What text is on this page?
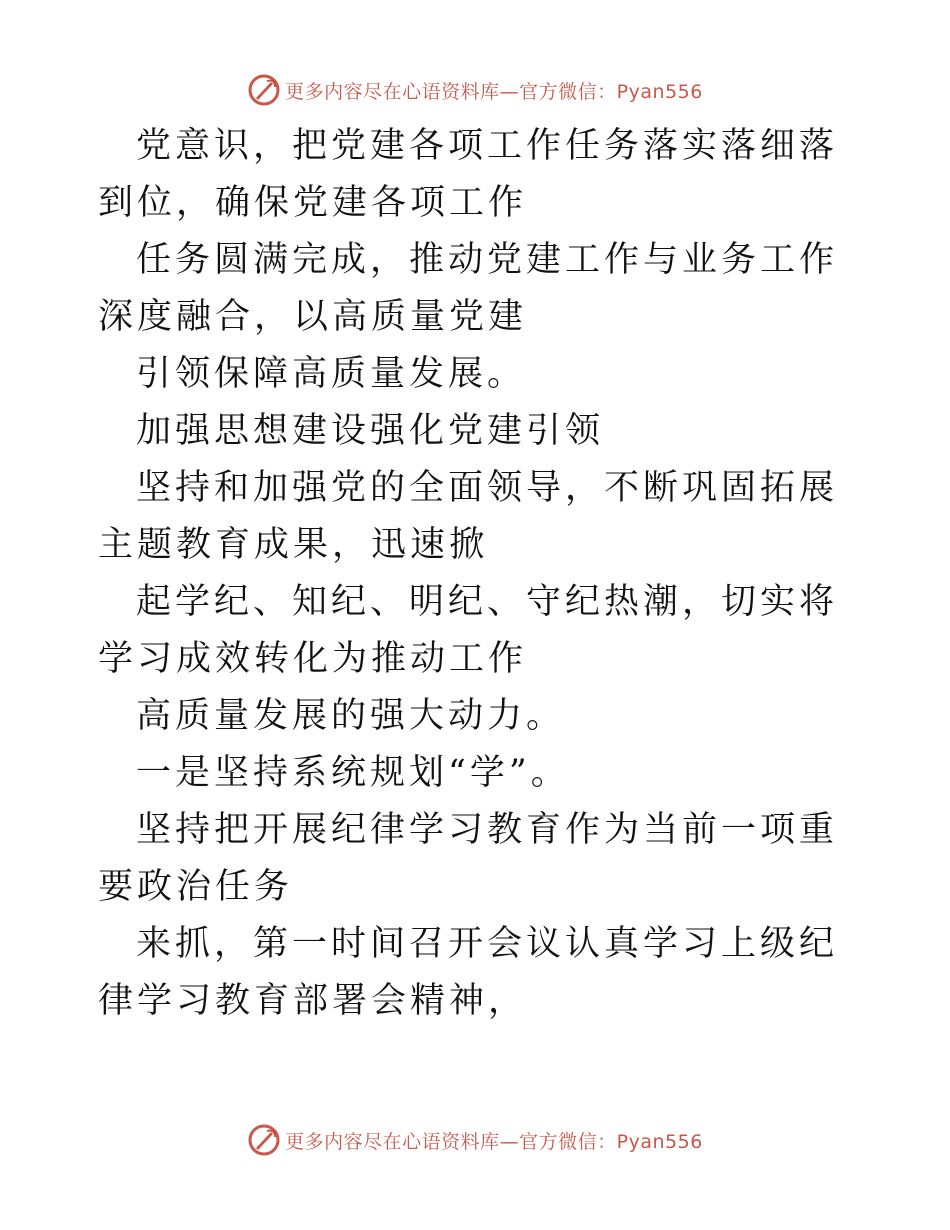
更多内容尽在心语资料库—官方微信：Pyan556

党意识，把党建各项工作任务落实落细落到位，确保党建各项工作

任务圆满完成，推动党建工作与业务工作深度融合，以高质量党建

引领保障高质量发展。

加强思想建设强化党建引领

坚持和加强党的全面领导，不断巩固拓展主题教育成果，迅速掀

起学纪、知纪、明纪、守纪热潮，切实将学习成效转化为推动工作

高质量发展的强大动力。

一是坚持系统规划“学”。

坚持把开展纪律学习教育作为当前一项重要政治任务

来抓，第一时间召开会议认真学习上级纪律学习教育部署会精神，

更多内容尽在心语资料库—官方微信：Pyan556
